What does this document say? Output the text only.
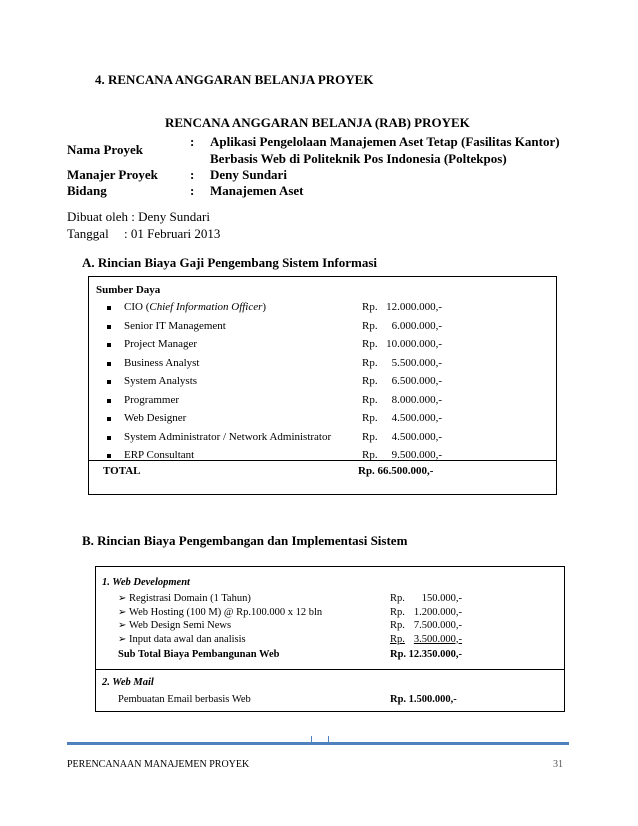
4. RENCANA ANGGARAN BELANJA PROYEK
RENCANA ANGGARAN BELANJA (RAB) PROYEK
Nama Proyek
: Aplikasi Pengelolaan Manajemen Aset Tetap (Fasilitas Kantor)
Berbasis Web di Politeknik Pos Indonesia (Poltekpos)
Manajer Proyek : Deny Sundari
Bidang	: Manajemen Aset
Dibuat oleh : Deny Sundari
Tanggal : 01 Februari 2013
A. Rincian Biaya Gaji Pengembang Sistem Informasi
Sumber Daya
CIO (Chief Information Officer)	Rp. 12.000.000,-
Senior IT Management	Rp. 6.000.000,-
Project Manager	Rp. 10.000.000,-
Business Analyst	Rp. 5.500.000,-
System Analysts	Rp. 6.500.000,-
Programmer	Rp. 8.000.000,-
Web Designer	Rp. 4.500.000,-
System Administrator / Network Administrator	Rp. 4.500.000,-
ERP Consultant	Rp. 9.500.000,-
TOTAL	Rp. 66.500.000,-
B. Rincian Biaya Pengembangan dan Implementasi Sistem
1. Web Development
➢ Registrasi Domain (1 Tahun)	Rp. 150.000,-
➢ Web Hosting (100 M) @ Rp.100.000 x 12 bln	Rp. 1.200.000,-
➢ Web Design Semi News	Rp. 7.500.000,-
➢ Input data awal dan analisis	Rp. 3.500.000,-
Sub Total Biaya Pembangunan Web	Rp. 12.350.000,-
2. Web Mail
Pembuatan Email berbasis Web	Rp. 1.500.000,-
PERENCANAAN MANAJEMEN PROYEK	31
